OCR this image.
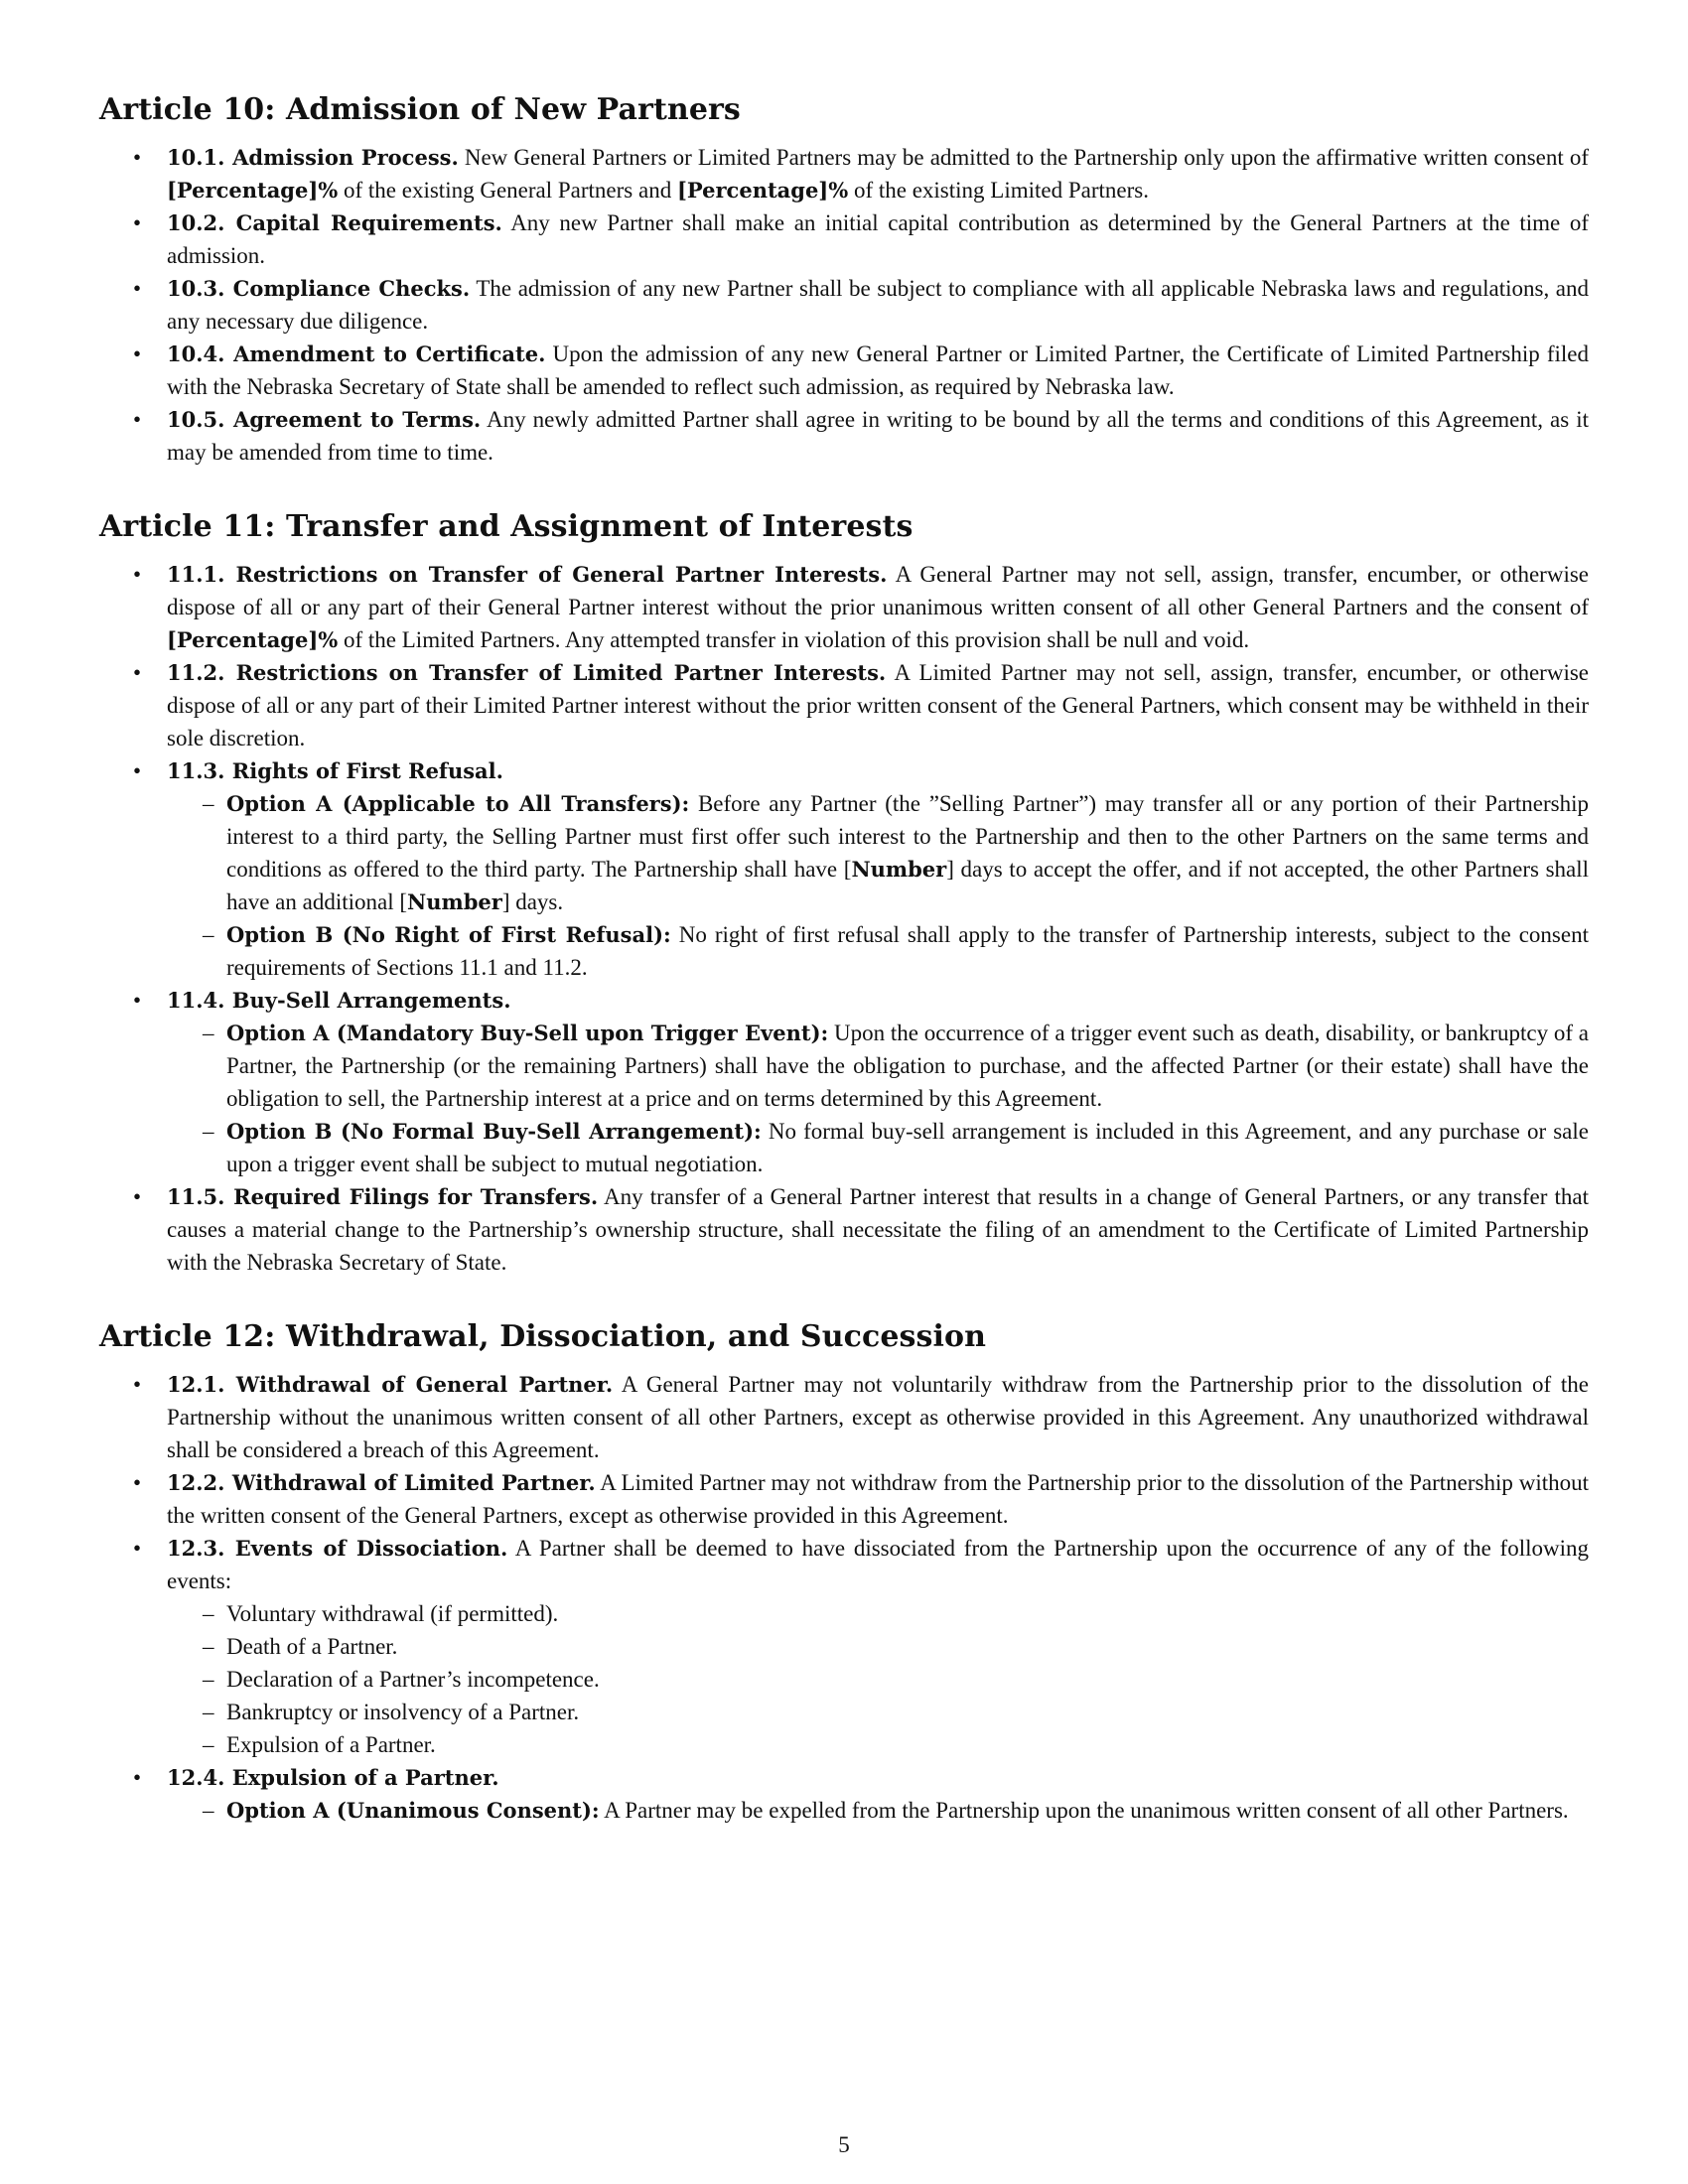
Article 10: Admission of New Partners
• 10.1. Admission Process. New General Partners or Limited Partners may be admitted to the Partnership only upon the affirmative written consent of [Percentage]% of the existing General Partners and [Percentage]% of the existing Limited Partners.
• 10.2. Capital Requirements. Any new Partner shall make an initial capital contribution as determined by the General Partners at the time of admission.
• 10.3. Compliance Checks. The admission of any new Partner shall be subject to compliance with all applicable Nebraska laws and regulations, and any necessary due diligence.
• 10.4. Amendment to Certificate. Upon the admission of any new General Partner or Limited Partner, the Certificate of Limited Partnership filed with the Nebraska Secretary of State shall be amended to reflect such admission, as required by Nebraska law.
• 10.5. Agreement to Terms. Any newly admitted Partner shall agree in writing to be bound by all the terms and conditions of this Agreement, as it may be amended from time to time.
Article 11: Transfer and Assignment of Interests
• 11.1. Restrictions on Transfer of General Partner Interests. A General Partner may not sell, assign, transfer, encumber, or otherwise dispose of all or any part of their General Partner interest without the prior unanimous written consent of all other General Partners and the consent of [Percentage]% of the Limited Partners. Any attempted transfer in violation of this provision shall be null and void.
• 11.2. Restrictions on Transfer of Limited Partner Interests. A Limited Partner may not sell, assign, transfer, encumber, or otherwise dispose of all or any part of their Limited Partner interest without the prior written consent of the General Partners, which consent may be withheld in their sole discretion.
• 11.3. Rights of First Refusal.
– Option A (Applicable to All Transfers): Before any Partner (the ”Selling Partner”) may transfer all or any portion of their Partnership interest to a third party, the Selling Partner must first offer such interest to the Partnership and then to the other Partners on the same terms and conditions as offered to the third party. The Partnership shall have [Number] days to accept the offer, and if not accepted, the other Partners shall have an additional [Number] days.
– Option B (No Right of First Refusal): No right of first refusal shall apply to the transfer of Partnership interests, subject to the consent requirements of Sections 11.1 and 11.2.
• 11.4. Buy-Sell Arrangements.
– Option A (Mandatory Buy-Sell upon Trigger Event): Upon the occurrence of a trigger event such as death, disability, or bankruptcy of a Partner, the Partnership (or the remaining Partners) shall have the obligation to purchase, and the affected Partner (or their estate) shall have the obligation to sell, the Partnership interest at a price and on terms determined by this Agreement.
– Option B (No Formal Buy-Sell Arrangement): No formal buy-sell arrangement is included in this Agreement, and any purchase or sale upon a trigger event shall be subject to mutual negotiation.
• 11.5. Required Filings for Transfers. Any transfer of a General Partner interest that results in a change of General Partners, or any transfer that causes a material change to the Partnership’s ownership structure, shall necessitate the filing of an amendment to the Certificate of Limited Partnership with the Nebraska Secretary of State.
Article 12: Withdrawal, Dissociation, and Succession
• 12.1. Withdrawal of General Partner. A General Partner may not voluntarily withdraw from the Partnership prior to the dissolution of the Partnership without the unanimous written consent of all other Partners, except as otherwise provided in this Agreement. Any unauthorized withdrawal shall be considered a breach of this Agreement.
• 12.2. Withdrawal of Limited Partner. A Limited Partner may not withdraw from the Partnership prior to the dissolution of the Partnership without the written consent of the General Partners, except as otherwise provided in this Agreement.
• 12.3. Events of Dissociation. A Partner shall be deemed to have dissociated from the Partnership upon the occurrence of any of the following events:
– Voluntary withdrawal (if permitted).
– Death of a Partner.
– Declaration of a Partner’s incompetence.
– Bankruptcy or insolvency of a Partner.
– Expulsion of a Partner.
• 12.4. Expulsion of a Partner.
– Option A (Unanimous Consent): A Partner may be expelled from the Partnership upon the unanimous written consent of all other Partners.
5
